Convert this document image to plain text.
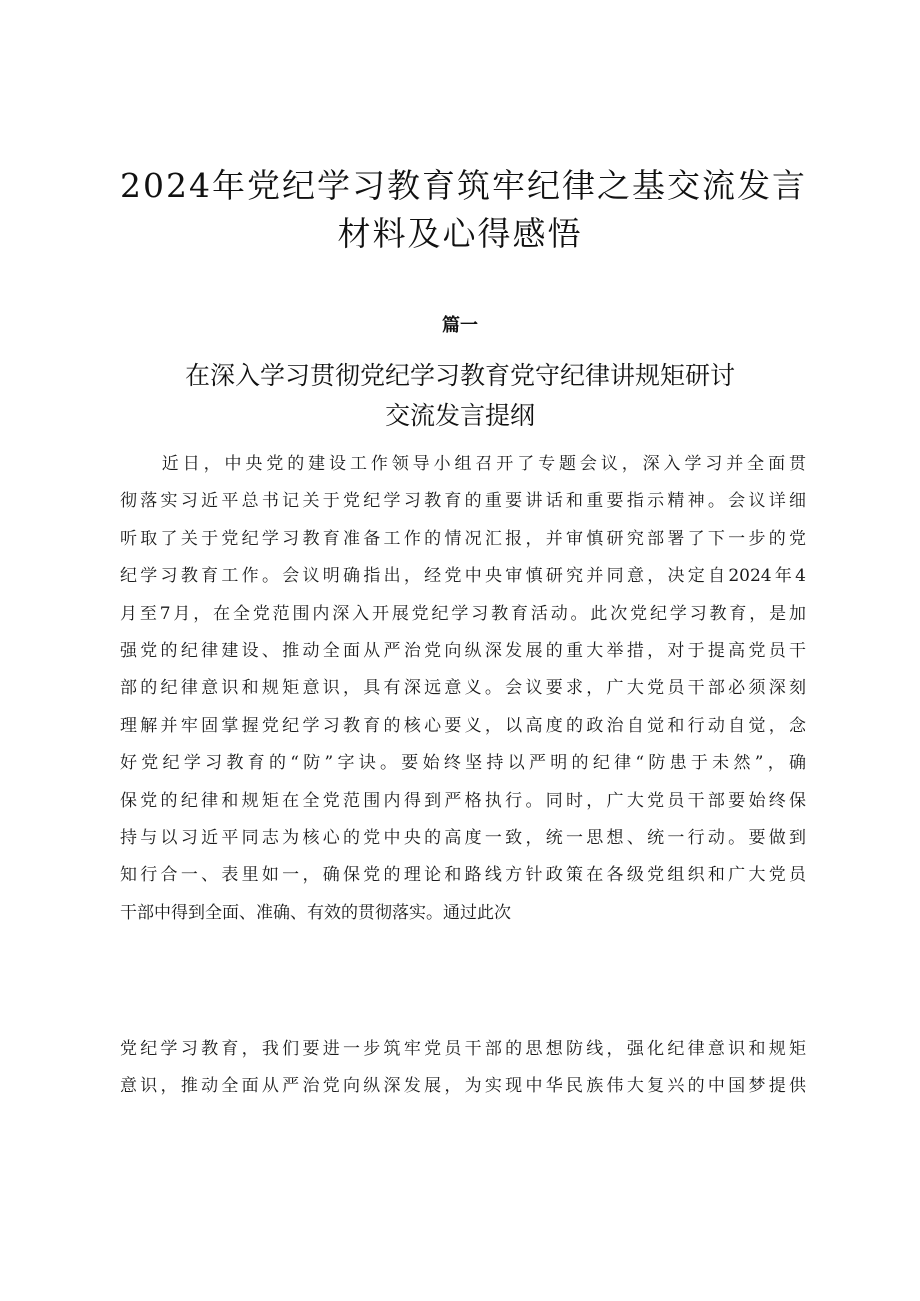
2024年党纪学习教育筑牢纪律之基交流发言
材料及心得感悟
篇一
在深入学习贯彻党纪学习教育党守纪律讲规矩研讨
交流发言提纲
　　近日，中央党的建设工作领导小组召开了专题会议，深入学习并全面贯
彻落实习近平总书记关于党纪学习教育的重要讲话和重要指示精神。会议详细
听取了关于党纪学习教育准备工作的情况汇报，并审慎研究部署了下一步的党
纪学习教育工作。会议明确指出，经党中央审慎研究并同意，决定自2024年4
月至7月，在全党范围内深入开展党纪学习教育活动。此次党纪学习教育，是加
强党的纪律建设、推动全面从严治党向纵深发展的重大举措，对于提高党员干
部的纪律意识和规矩意识，具有深远意义。会议要求，广大党员干部必须深刻
理解并牢固掌握党纪学习教育的核心要义，以高度的政治自觉和行动自觉，念
好党纪学习教育的“防”字诀。要始终坚持以严明的纪律“防患于未然”，确
保党的纪律和规矩在全党范围内得到严格执行。同时，广大党员干部要始终保
持与以习近平同志为核心的党中央的高度一致，统一思想、统一行动。要做到
知行合一、表里如一，确保党的理论和路线方针政策在各级党组织和广大党员
干部中得到全面、准确、有效的贯彻落实。通过此次
党纪学习教育，我们要进一步筑牢党员干部的思想防线，强化纪律意识和规矩
意识，推动全面从严治党向纵深发展，为实现中华民族伟大复兴的中国梦提供
